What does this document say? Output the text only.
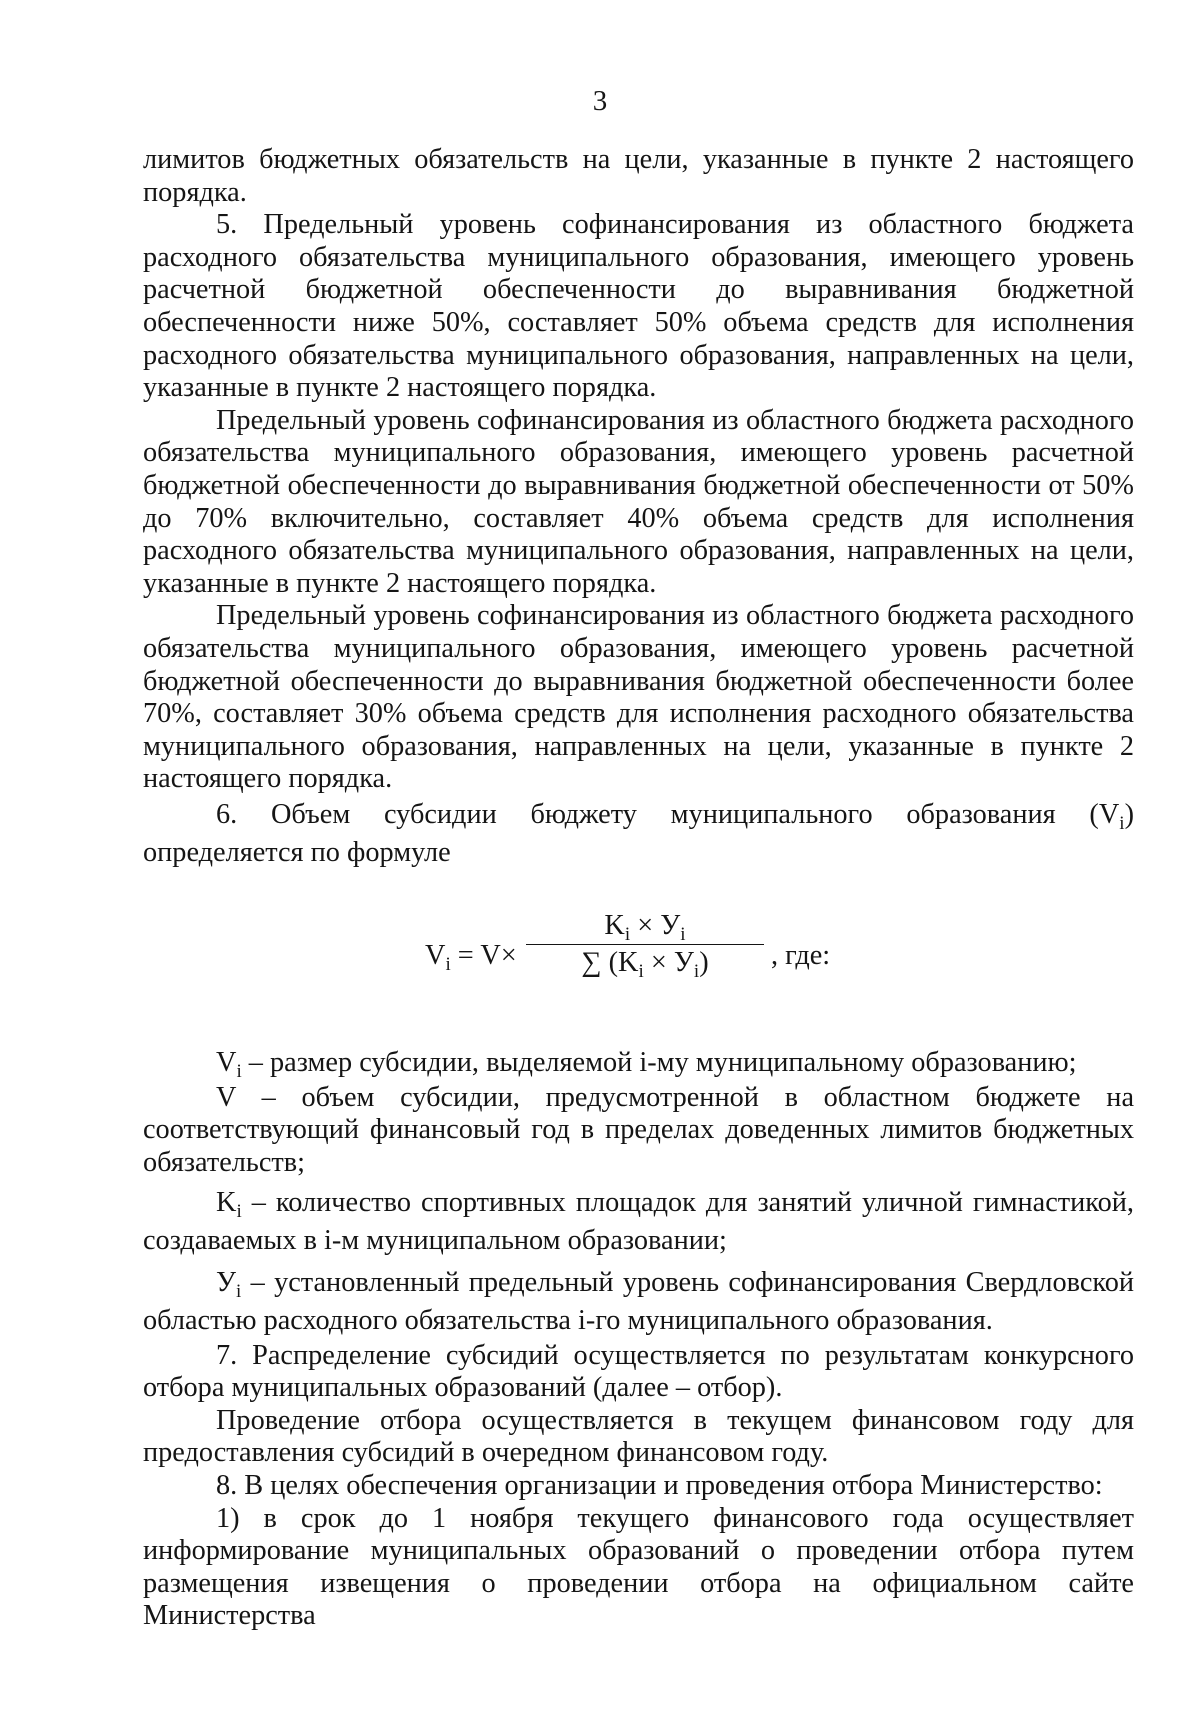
3

лимитов бюджетных обязательств на цели, указанные в пункте 2 настоящего порядка.

5. Предельный уровень софинансирования из областного бюджета расходного обязательства муниципального образования, имеющего уровень расчетной бюджетной обеспеченности до выравнивания бюджетной обеспеченности ниже 50%, составляет 50% объема средств для исполнения расходного обязательства муниципального образования, направленных на цели, указанные в пункте 2 настоящего порядка.

Предельный уровень софинансирования из областного бюджета расходного обязательства муниципального образования, имеющего уровень расчетной бюджетной обеспеченности до выравнивания бюджетной обеспеченности от 50% до 70% включительно, составляет 40% объема средств для исполнения расходного обязательства муниципального образования, направленных на цели, указанные в пункте 2 настоящего порядка.

Предельный уровень софинансирования из областного бюджета расходного обязательства муниципального образования, имеющего уровень расчетной бюджетной обеспеченности до выравнивания бюджетной обеспеченности более 70%, составляет 30% объема средств для исполнения расходного обязательства муниципального образования, направленных на цели, указанные в пункте 2 настоящего порядка.

6. Объем субсидии бюджету муниципального образования $(V_i)$ определяется по формуле

$V_i = V\times$
$K_i \times У_i$
∑ $(K_i \times У_i)$	, где:

$V_i$ – размер субсидии, выделяемой i-му муниципальному образованию;

V – объем субсидии, предусмотренной в областном бюджете на соответствующий финансовый год в пределах доведенных лимитов бюджетных обязательств;

$K_i$ – количество спортивных площадок для занятий уличной гимнастикой, создаваемых в i-м муниципальном образовании;

$У_i$ – установленный предельный уровень софинансирования Свердловской областью расходного обязательства i-го муниципального образования.

7. Распределение субсидий осуществляется по результатам конкурсного отбора муниципальных образований (далее – отбор).

Проведение отбора осуществляется в текущем финансовом году для предоставления субсидий в очередном финансовом году.

8. В целях обеспечения организации и проведения отбора Министерство:

1) в срок до 1 ноября текущего финансового года осуществляет информирование муниципальных образований о проведении отбора путем размещения извещения о проведении отбора на официальном сайте Министерства
